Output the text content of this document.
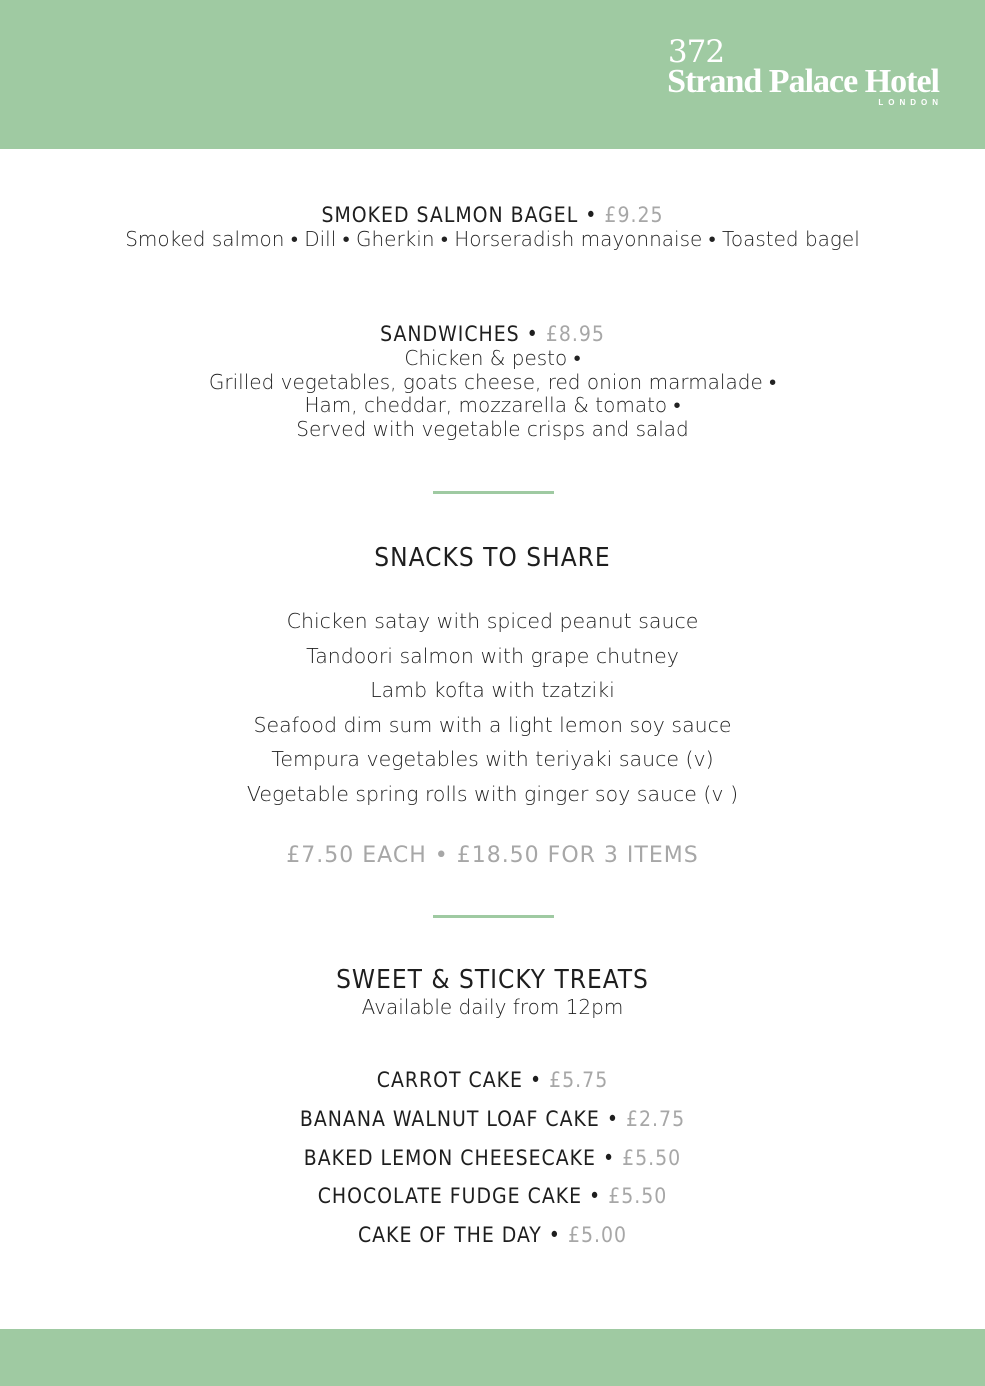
372
Strand Palace Hotel
LONDON
SMOKED SALMON BAGEL • £9.25
Smoked salmon • Dill • Gherkin • Horseradish mayonnaise • Toasted bagel
SANDWICHES • £8.95
Chicken & pesto •
Grilled vegetables, goats cheese, red onion marmalade •
Ham, cheddar, mozzarella & tomato •
Served with vegetable crisps and salad
SNACKS TO SHARE
Chicken satay with spiced peanut sauce
Tandoori salmon with grape chutney
Lamb kofta with tzatziki
Seafood dim sum with a light lemon soy sauce
Tempura vegetables with teriyaki sauce (v)
Vegetable spring rolls with ginger soy sauce (v )
£7.50 EACH • £18.50 FOR 3 ITEMS
SWEET & STICKY TREATS
Available daily from 12pm
CARROT CAKE • £5.75
BANANA WALNUT LOAF CAKE • £2.75
BAKED LEMON CHEESECAKE • £5.50
CHOCOLATE FUDGE CAKE • £5.50
CAKE OF THE DAY • £5.00
